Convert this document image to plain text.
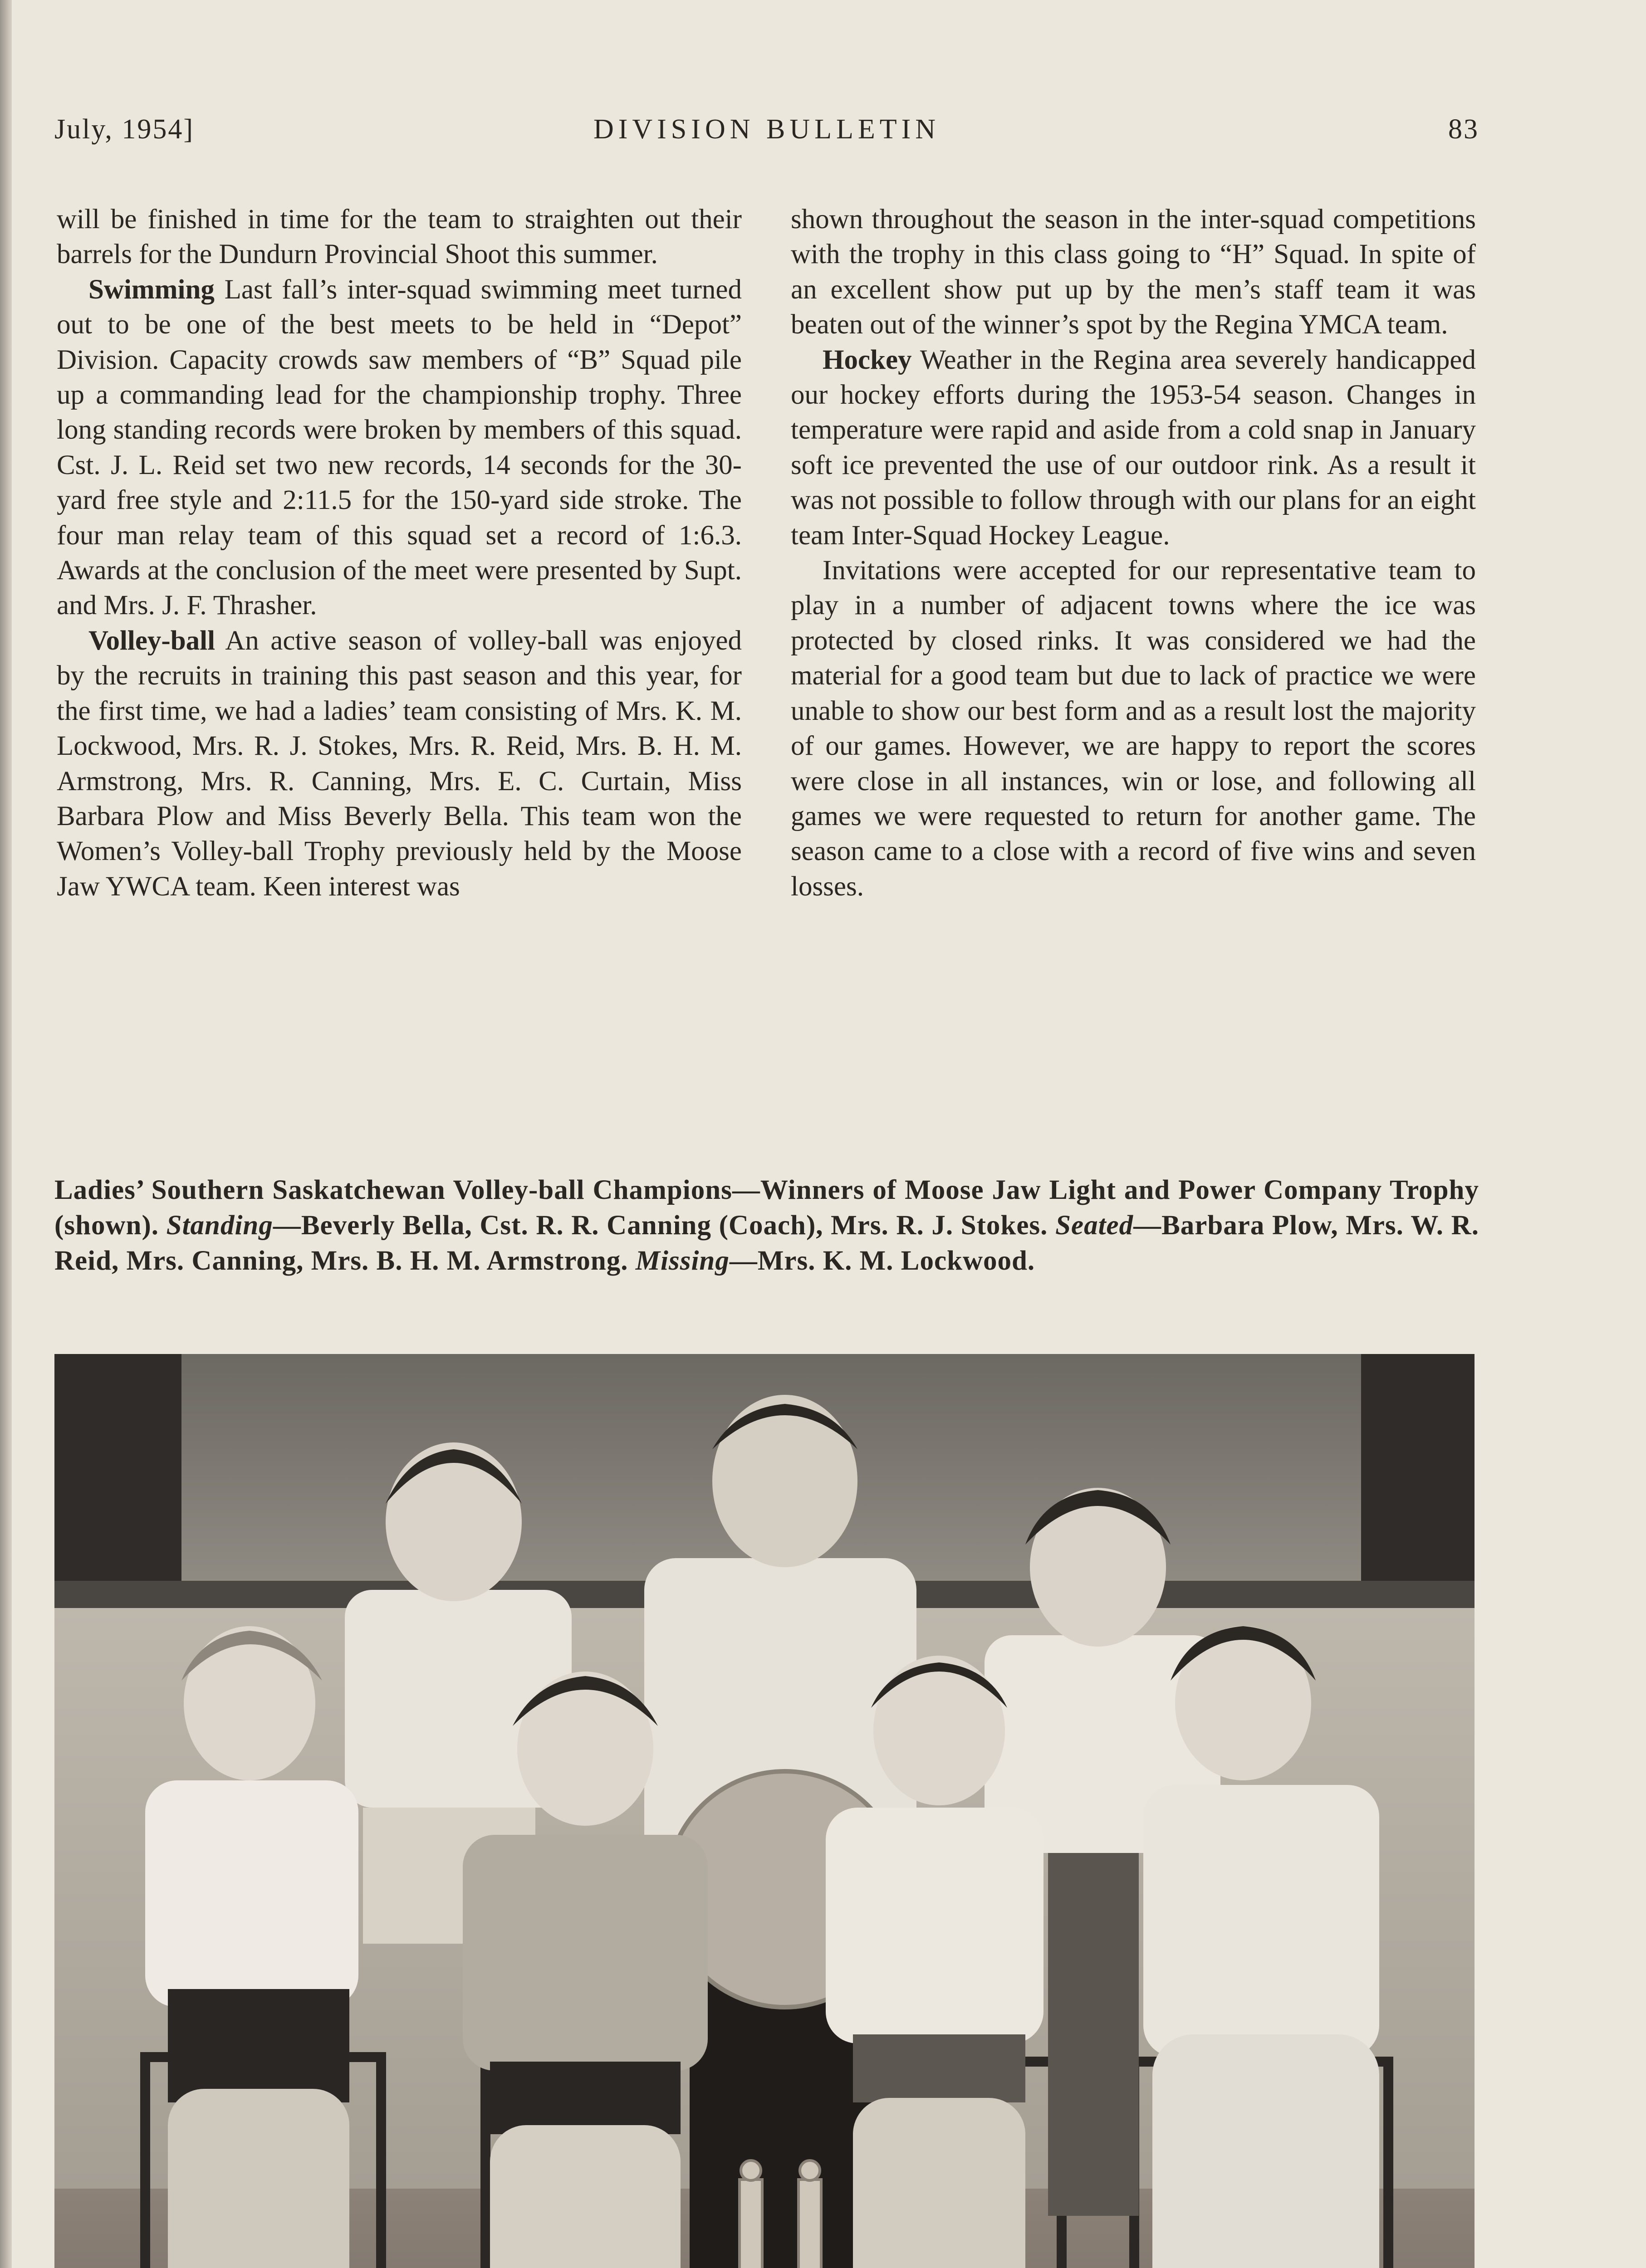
July, 1954]	DIVISION BULLETIN	83

will be finished in time for the team to straighten out their barrels for the Dundurn Provincial Shoot this summer.

Swimming Last fall’s inter-squad swimming meet turned out to be one of the best meets to be held in “Depot” Division. Capacity crowds saw members of “B” Squad pile up a commanding lead for the championship trophy. Three long standing records were broken by members of this squad. Cst. J. L. Reid set two new records, 14 seconds for the 30-yard free style and 2:11.5 for the 150-yard side stroke. The four man relay team of this squad set a record of 1:6.3. Awards at the conclusion of the meet were presented by Supt. and Mrs. J. F. Thrasher.

Volley-ball An active season of volley-ball was enjoyed by the recruits in training this past season and this year, for the first time, we had a ladies’ team consisting of Mrs. K. M. Lockwood, Mrs. R. J. Stokes, Mrs. R. Reid, Mrs. B. H. M. Armstrong, Mrs. R. Canning, Mrs. E. C. Curtain, Miss Barbara Plow and Miss Beverly Bella. This team won the Women’s Volley-ball Trophy previously held by the Moose Jaw YWCA team. Keen interest was

shown throughout the season in the inter-squad competitions with the trophy in this class going to “H” Squad. In spite of an excellent show put up by the men’s staff team it was beaten out of the winner’s spot by the Regina YMCA team.

Hockey Weather in the Regina area severely handicapped our hockey efforts during the 1953-54 season. Changes in temperature were rapid and aside from a cold snap in January soft ice prevented the use of our outdoor rink. As a result it was not possible to follow through with our plans for an eight team Inter-Squad Hockey League.

Invitations were accepted for our representative team to play in a number of adjacent towns where the ice was protected by closed rinks. It was considered we had the material for a good team but due to lack of practice we were unable to show our best form and as a result lost the majority of our games. However, we are happy to report the scores were close in all instances, win or lose, and following all games we were requested to return for another game. The season came to a close with a record of five wins and seven losses.

Ladies’ Southern Saskatchewan Volley-ball Champions—Winners of Moose Jaw Light and Power Company Trophy (shown). Standing—Beverly Bella, Cst. R. R. Canning (Coach), Mrs. R. J. Stokes. Seated—Barbara Plow, Mrs. W. R. Reid, Mrs. Canning, Mrs. B. H. M. Armstrong. Missing—Mrs. K. M. Lockwood.
